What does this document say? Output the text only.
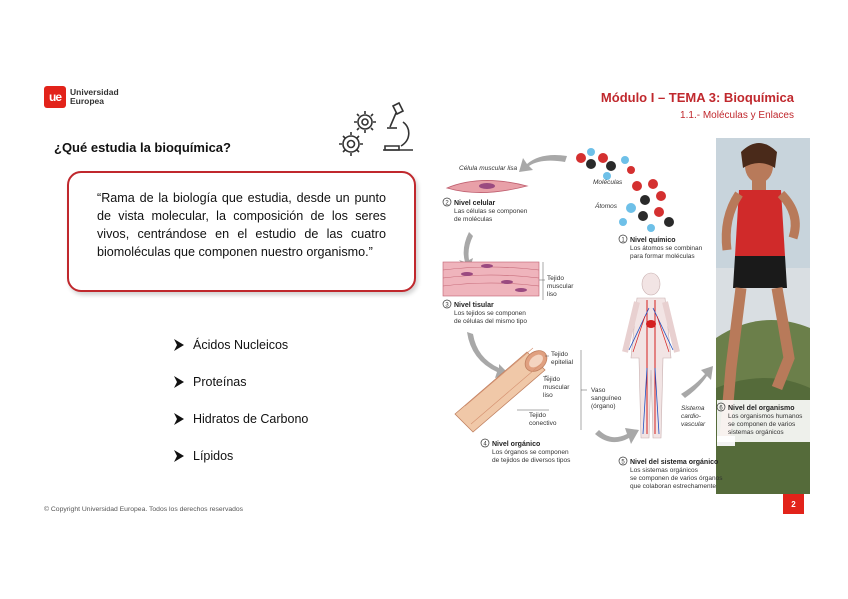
ue	Universidad
Europea	Módulo I – TEMA 3: Bioquímica
1.1.- Moléculas y Enlaces
¿Qué estudia la bioquímica?

“Rama de la biología que estudia, desde un punto de vista molecular, la composición de los seres vivos, centrándose en el estudio de las cuatro biomoléculas que componen nuestro organismo.”

Ácidos Nucleicos
Proteínas
Hidratos de Carbono
Lípidos
Moléculas
Átomos
Célula muscular lisa
Tejido
muscular
liso
Tejido
epitelial
Tejido
muscular
liso
Tejido
conectivo
Vaso
sanguíneo
(órgano)	Sistema
cardio-
vascular
1 Nivel químico
Los átomos se combinan
para formar moléculas
2 Nivel celular
Las células se componen
de moléculas
3 Nivel tisular
Los tejidos se componen
de células del mismo tipo
4 Nivel orgánico
Los órganos se componen
de tejidos de diversos tipos	5 Nivel del sistema orgánico
Los sistemas orgánicos
se componen de varios órganos
que colaboran estrechamente
6 Nivel del organismo
Los organismos humanos
se componen de varios
sistemas orgánicos
2
© Copyright Universidad Europea. Todos los derechos reservados
